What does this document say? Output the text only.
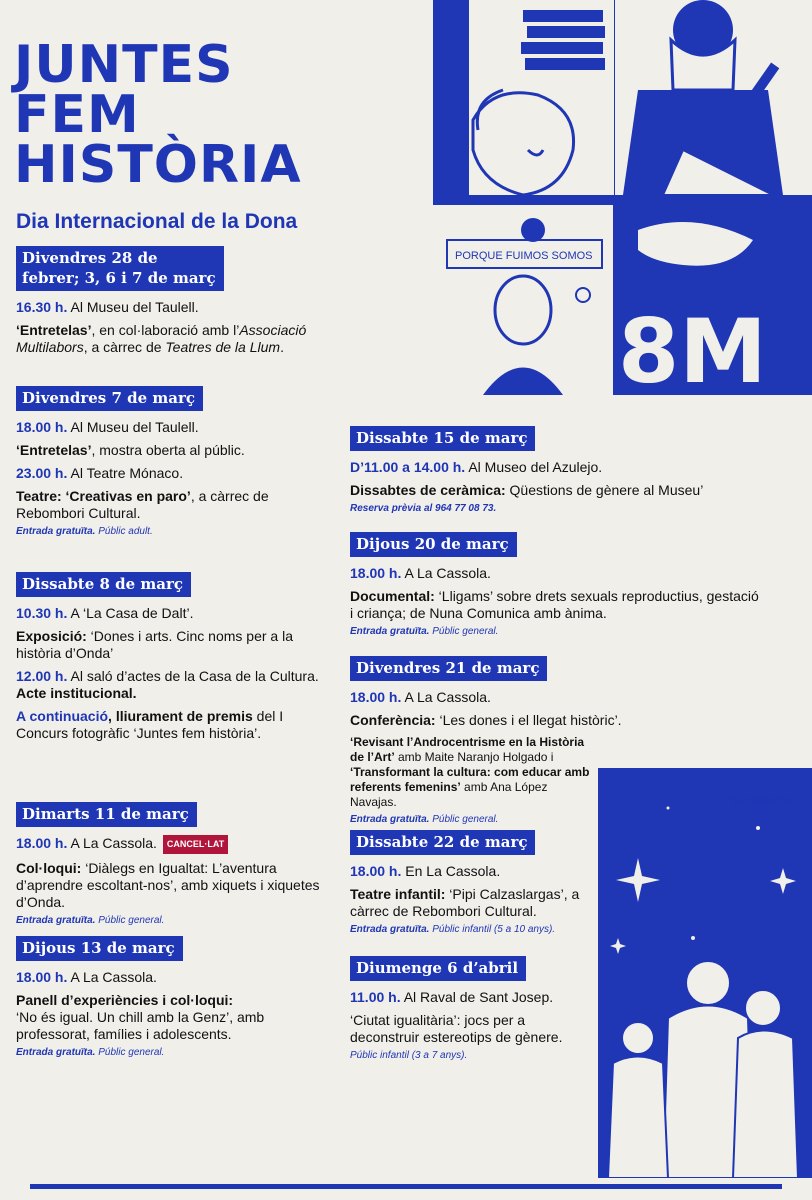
JUNTES
FEM
HISTÒRIA
Dia Internacional de la Dona
PORQUE FUIMOS SOMOS
8M
Ajuntament
Onda
Divendres 28 de
febrer; 3, 6 i 7 de març

16.30 h. Al Museu del Taulell.

‘Entretelas’, en col·laboració amb l’Associació Multilabors, a càrrec de Teatres de la Llum.

Divendres 7 de març

18.00 h. Al Museu del Taulell.

‘Entretelas’, mostra oberta al públic.

23.00 h. Al Teatre Mónaco.

Teatre: ‘Creativas en paro’, a càrrec de Rebombori Cultural.

Entrada gratuïta. Públic adult.
Dissabte 8 de març

10.30 h. A ‘La Casa de Dalt’.

Exposició: ‘Dones i arts. Cinc noms per a la història d’Onda’

12.00 h. Al saló d’actes de la Casa de la Cultura.
Acte institucional.

A continuació, lliurament de premis del I Concurs fotogràfic ‘Juntes fem història’.

Dimarts 11 de març

18.00 h. A La Cassola. CANCEL·LAT

Col·loqui: ‘Diàlegs en Igualtat: L’aventura d’aprendre escoltant-nos’, amb xiquets i xiquetes d’Onda.

Entrada gratuïta. Públic general.
Dijous 13 de març

18.00 h. A La Cassola.

Panell d’experiències i col·loqui:
‘No és igual. Un chill amb la Genz’, amb professorat, famílies i adolescents.

Entrada gratuïta. Públic general.
Dissabte 15 de març

D’11.00 a 14.00 h. Al Museo del Azulejo.

Dissabtes de ceràmica: Qüestions de gènere al Museu’

Reserva prèvia al 964 77 08 73.
Dijous 20 de març

18.00 h. A La Cassola.

Documental: ‘Lligams’ sobre drets sexuals reproductius, gestació i criança; de Nuna Comunica amb ànima.

Entrada gratuïta. Públic general.
Divendres 21 de març

18.00 h. A La Cassola.

Conferència: ‘Les dones i el llegat històric’.

‘Revisant l’Androcentrisme en la Història de l’Art’ amb Maite Naranjo Holgado i ‘Transformant la cultura: com educar amb referents femenins’ amb Ana López Navajas.

Entrada gratuïta. Públic general.
Dissabte 22 de març

18.00 h. En La Cassola.

Teatre infantil: ‘Pipi Calzaslargas’, a càrrec de Rebombori Cultural.

Entrada gratuïta. Públic infantil (5 a 10 anys).
Diumenge 6 d’abril

11.00 h. Al Raval de Sant Josep.

‘Ciutat igualitària’: jocs per a deconstruir estereotips de gènere.

Públic infantil (3 a 7 anys).
